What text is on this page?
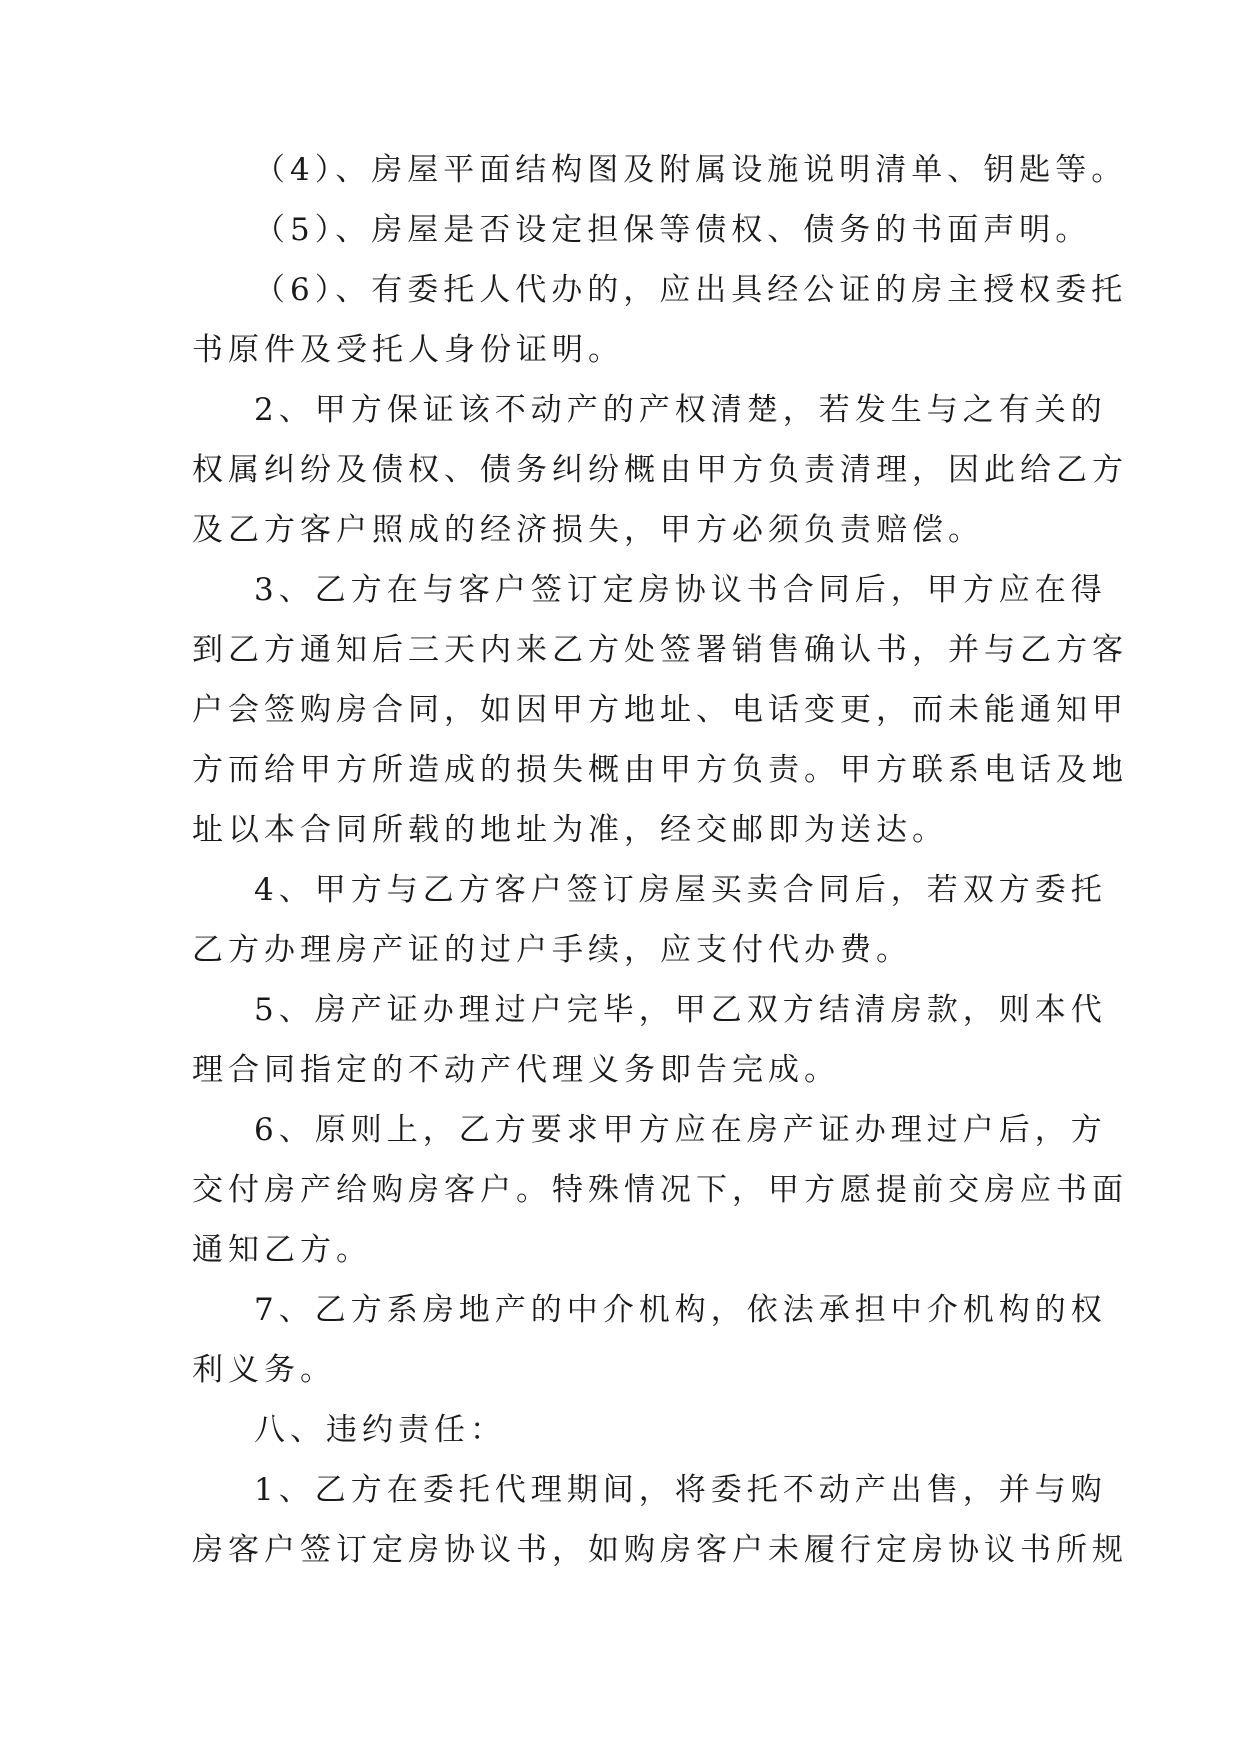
（4）、房屋平面结构图及附属设施说明清单、钥匙等。
（5）、房屋是否设定担保等债权、债务的书面声明。
（6）、有委托人代办的，应出具经公证的房主授权委托
书原件及受托人身份证明。
2、甲方保证该不动产的产权清楚，若发生与之有关的
权属纠纷及债权、债务纠纷概由甲方负责清理，因此给乙方
及乙方客户照成的经济损失，甲方必须负责赔偿。
3、乙方在与客户签订定房协议书合同后，甲方应在得
到乙方通知后三天内来乙方处签署销售确认书，并与乙方客
户会签购房合同，如因甲方地址、电话变更，而未能通知甲
方而给甲方所造成的损失概由甲方负责。甲方联系电话及地
址以本合同所载的地址为准，经交邮即为送达。
4、甲方与乙方客户签订房屋买卖合同后，若双方委托
乙方办理房产证的过户手续，应支付代办费。
5、房产证办理过户完毕，甲乙双方结清房款，则本代
理合同指定的不动产代理义务即告完成。
6、原则上，乙方要求甲方应在房产证办理过户后，方
交付房产给购房客户。特殊情况下，甲方愿提前交房应书面
通知乙方。
7、乙方系房地产的中介机构，依法承担中介机构的权
利义务。
八、违约责任：
1、乙方在委托代理期间，将委托不动产出售，并与购
房客户签订定房协议书，如购房客户未履行定房协议书所规
